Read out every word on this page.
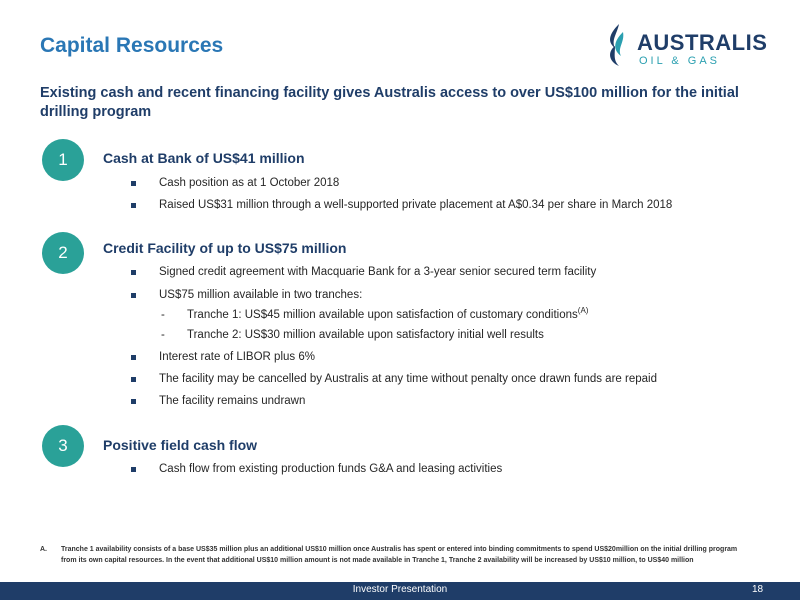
Capital Resources	AUSTRALIS
OIL & GAS
Existing cash and recent financing facility gives Australis access to over US$100 million for the initial drilling program
1	Cash at Bank of US$41 million
Cash position as at 1 October 2018
Raised US$31 million through a well-supported private placement at A$0.34 per share in March 2018
2	Credit Facility of up to US$75 million
Signed credit agreement with Macquarie Bank for a 3-year senior secured term facility
US$75 million available in two tranches:
- Tranche 1: US$45 million available upon satisfaction of customary conditions$^{(A)}$
- Tranche 2: US$30 million available upon satisfactory initial well results
Interest rate of LIBOR plus 6%
The facility may be cancelled by Australis at any time without penalty once drawn funds are repaid
The facility remains undrawn
3	Positive field cash flow
Cash flow from existing production funds G&A and leasing activities
A. Tranche 1 availability consists of a base US$35 million plus an additional US$10 million once Australis has spent or entered into binding commitments to spend US$20million on the initial drilling program from its own capital resources. In the event that additional US$10 million amount is not made available in Tranche 1, Tranche 2 availability will be increased by US$10 million, to US$40 million
Investor Presentation	18
